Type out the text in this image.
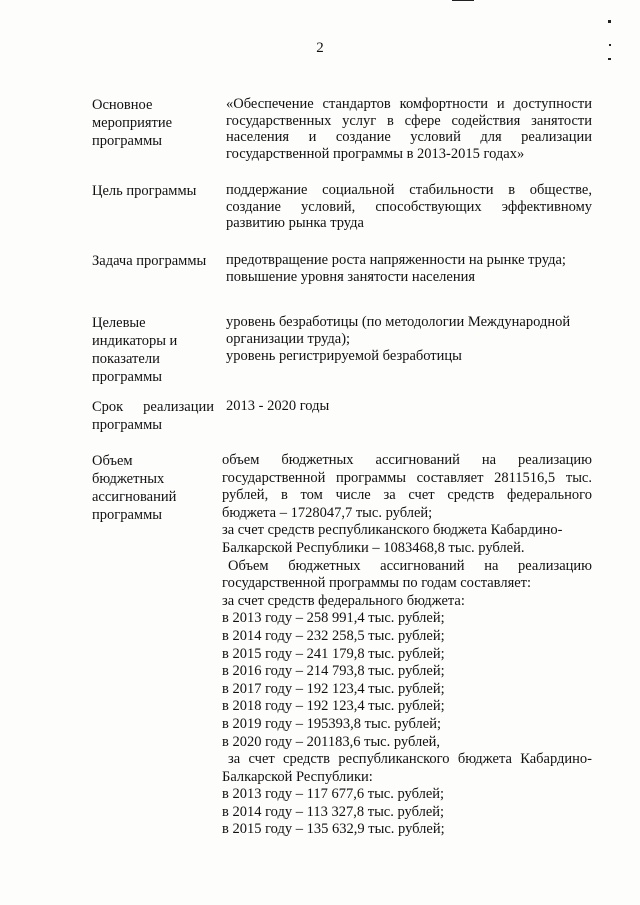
2
Основное
мероприятие
программы
«Обеспечение стандартов комфортности и доступности
государственных услуг в сфере содействия занятости
населения и создание условий для реализации
государственной программы в 2013-2015 годах»
Цель программы	поддержание социальной стабильности в обществе,
создание условий, способствующих эффективному
развитию рынка труда
Задача программы	предотвращение роста напряженности на рынке труда;
повышение уровня занятости населения
Целевые
индикаторы и
показатели
программы
уровень безработицы (по методологии Международной
организации труда);
уровень регистрируемой безработицы
Срок реализации
программы
2013 - 2020 годы
Объем
бюджетных
ассигнований
программы
объем бюджетных ассигнований на реализацию
государственной программы составляет 2811516,5 тыс.
рублей, в том числе за счет средств федерального
бюджета – 1728047,7 тыс. рублей;
за счет средств республиканского бюджета Кабардино-
Балкарской Республики – 1083468,8 тыс. рублей.
Объем бюджетных ассигнований на реализацию
государственной программы по годам составляет:
за счет средств федерального бюджета:
в 2013 году – 258 991,4 тыс. рублей;
в 2014 году – 232 258,5 тыс. рублей;
в 2015 году – 241 179,8 тыс. рублей;
в 2016 году – 214 793,8 тыс. рублей;
в 2017 году – 192 123,4 тыс. рублей;
в 2018 году – 192 123,4 тыс. рублей;
в 2019 году – 195393,8 тыс. рублей;
в 2020 году – 201183,6 тыс. рублей,
за счет средств республиканского бюджета Кабардино-
Балкарской Республики:
в 2013 году – 117 677,6 тыс. рублей;
в 2014 году – 113 327,8 тыс. рублей;
в 2015 году – 135 632,9 тыс. рублей;
